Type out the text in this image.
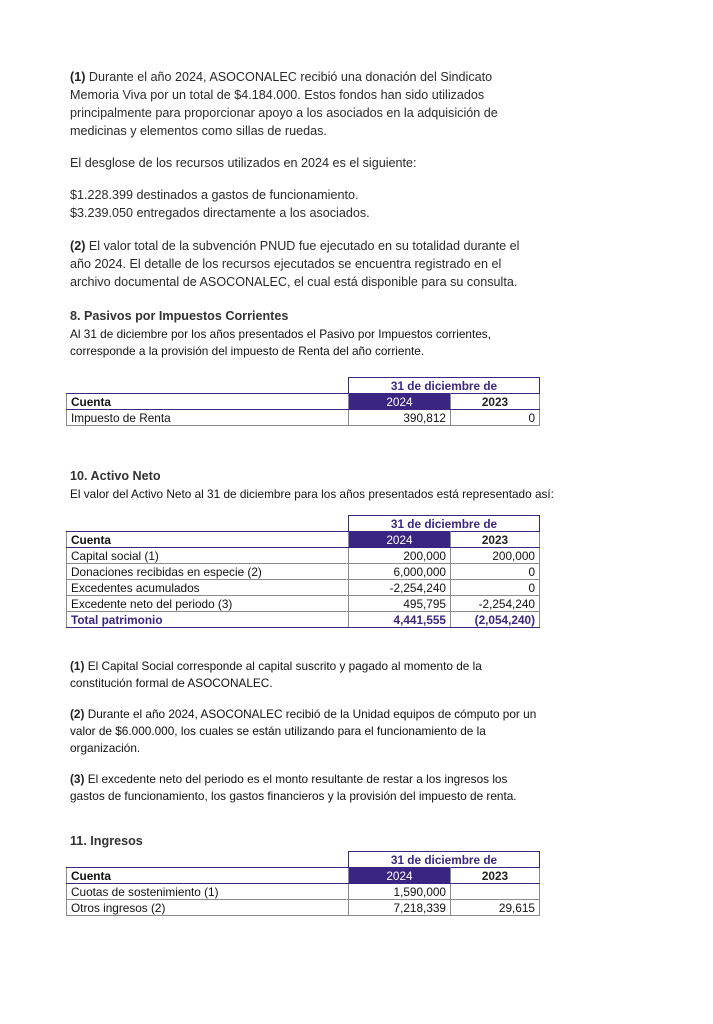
(1) Durante el año 2024, ASOCONALEC recibió una donación del Sindicato
Memoria Viva por un total de $4.184.000. Estos fondos han sido utilizados
principalmente para proporcionar apoyo a los asociados en la adquisición de
medicinas y elementos como sillas de ruedas.
El desglose de los recursos utilizados en 2024 es el siguiente:
$1.228.399 destinados a gastos de funcionamiento.
$3.239.050 entregados directamente a los asociados.
(2) El valor total de la subvención PNUD fue ejecutado en su totalidad durante el
año 2024. El detalle de los recursos ejecutados se encuentra registrado en el
archivo documental de ASOCONALEC, el cual está disponible para su consulta.
8. Pasivos por Impuestos Corrientes
Al 31 de diciembre por los años presentados el Pasivo por Impuestos corrientes,
corresponde a la provisión del impuesto de Renta del año corriente.
	31 de diciembre de	
Cuenta	2024	2023
Impuesto de Renta	390,812	0
10. Activo Neto
El valor del Activo Neto al 31 de diciembre para los años presentados está representado así:
	31 de diciembre de	
Cuenta	2024	2023
Capital social (1)	200,000	200,000
Donaciones recibidas en especie (2)	6,000,000	0
Excedentes acumulados	-2,254,240	0
Excedente neto del periodo (3)	495,795	-2,254,240
Total patrimonio	4,441,555	(2,054,240)
(1) El Capital Social corresponde al capital suscrito y pagado al momento de la
constitución formal de ASOCONALEC.
(2) Durante el año 2024, ASOCONALEC recibió de la Unidad equipos de cómputo por un
valor de $6.000.000, los cuales se están utilizando para el funcionamiento de la
organización.
(3) El excedente neto del periodo es el monto resultante de restar a los ingresos los
gastos de funcionamiento, los gastos financieros y la provisión del impuesto de renta.
11. Ingresos
	31 de diciembre de	
Cuenta	2024	2023
Cuotas de sostenimiento (1)	1,590,000	
Otros ingresos (2)	7,218,339	29,615
